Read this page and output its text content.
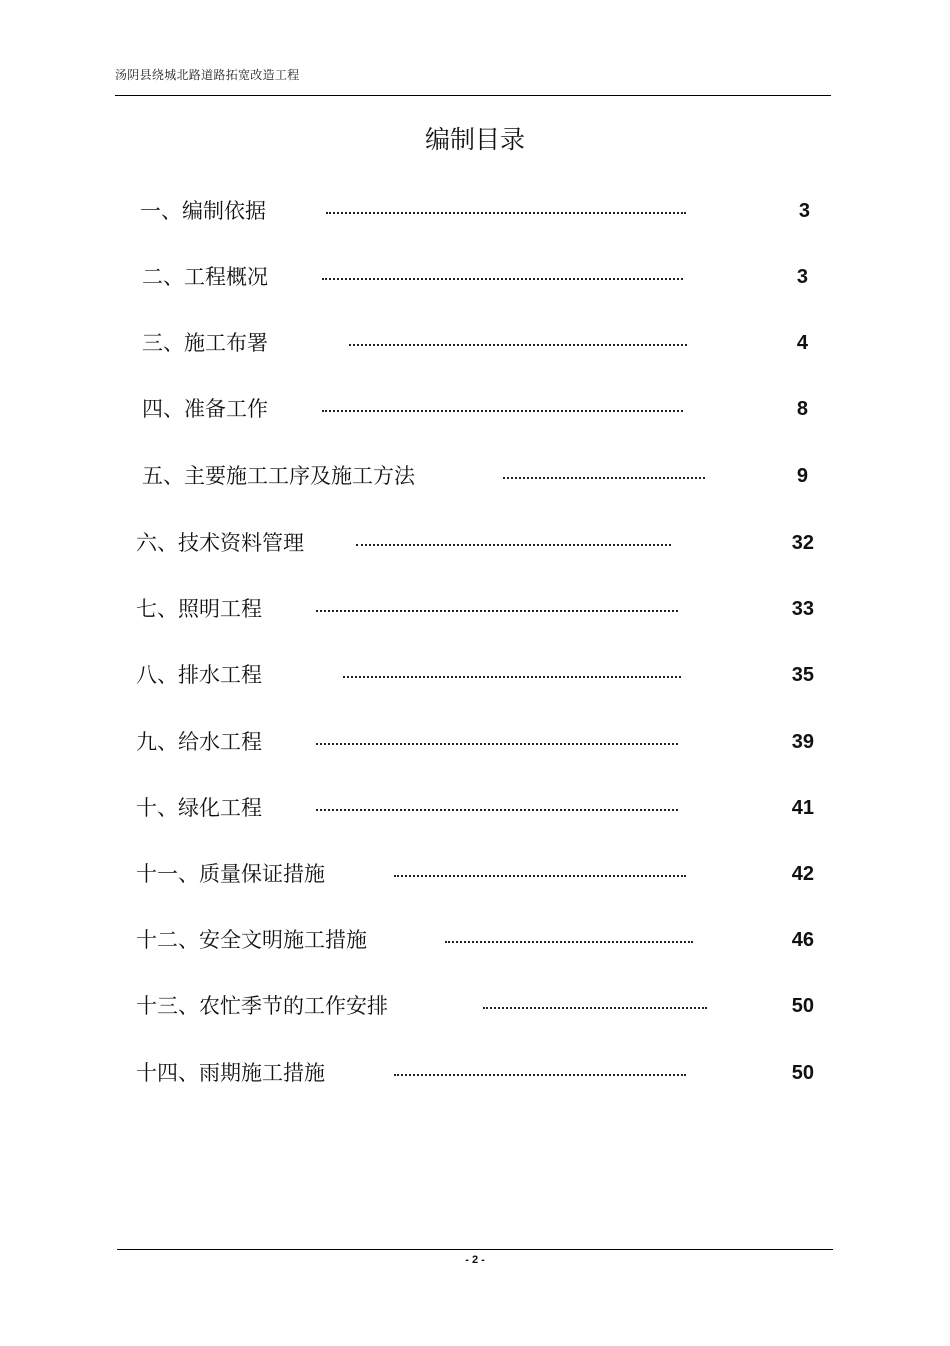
汤阴县绕城北路道路拓宽改造工程
编制目录
一、编制依据	3
二、工程概况	3
三、施工布署	4
四、准备工作	8
五、主要施工工序及施工方法	9
六、技术资料管理	32
七、照明工程	33
八、排水工程	35
九、给水工程	39
十、绿化工程	41
十一、质量保证措施	42
十二、安全文明施工措施	46
十三、农忙季节的工作安排	50
十四、雨期施工措施	50
- 2 -
